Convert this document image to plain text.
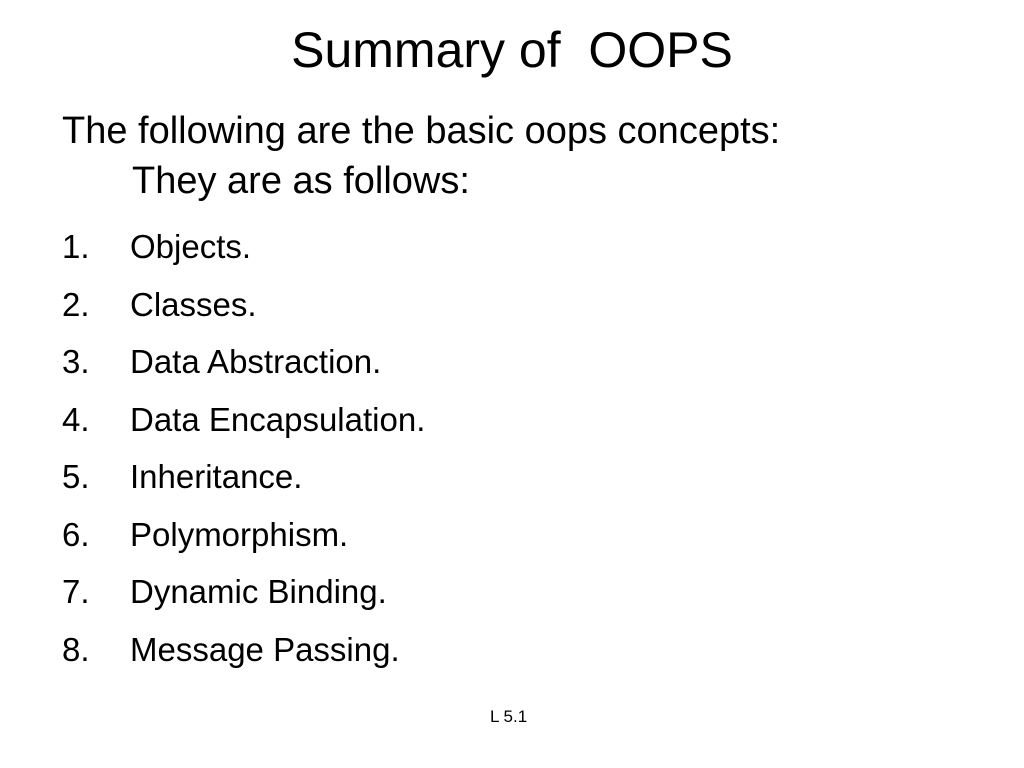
Summary of  OOPS

The following are the basic oops concepts:
They are as follows:

1.	Objects.
2.	Classes.
3.	Data Abstraction.
4.	Data Encapsulation.
5.	Inheritance.
6.	Polymorphism.
7.	Dynamic Binding.
8.	Message Passing.
L 5.1
